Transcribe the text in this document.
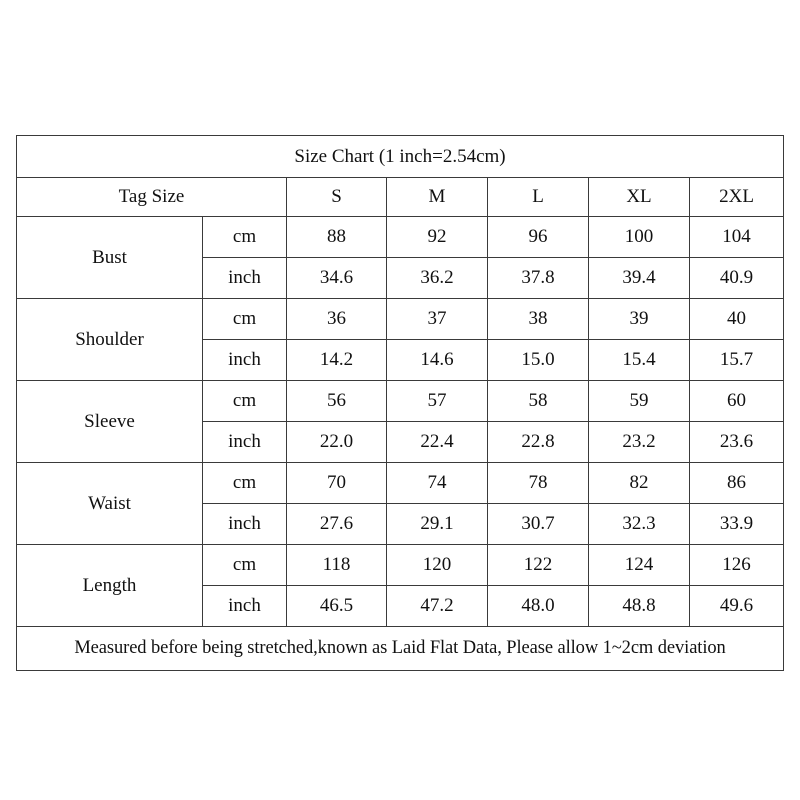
Size Chart (1 inch=2.54cm)						
Tag Size		S	M	L	XL	2XL
Bust	cm	88	92	96	100	104
	inch	34.6	36.2	37.8	39.4	40.9
Shoulder	cm	36	37	38	39	40
	inch	14.2	14.6	15.0	15.4	15.7
Sleeve	cm	56	57	58	59	60
	inch	22.0	22.4	22.8	23.2	23.6
Waist	cm	70	74	78	82	86
	inch	27.6	29.1	30.7	32.3	33.9
Length	cm	118	120	122	124	126
	inch	46.5	47.2	48.0	48.8	49.6
Measured before being stretched,known as Laid Flat Data, Please allow 1~2cm deviation						
